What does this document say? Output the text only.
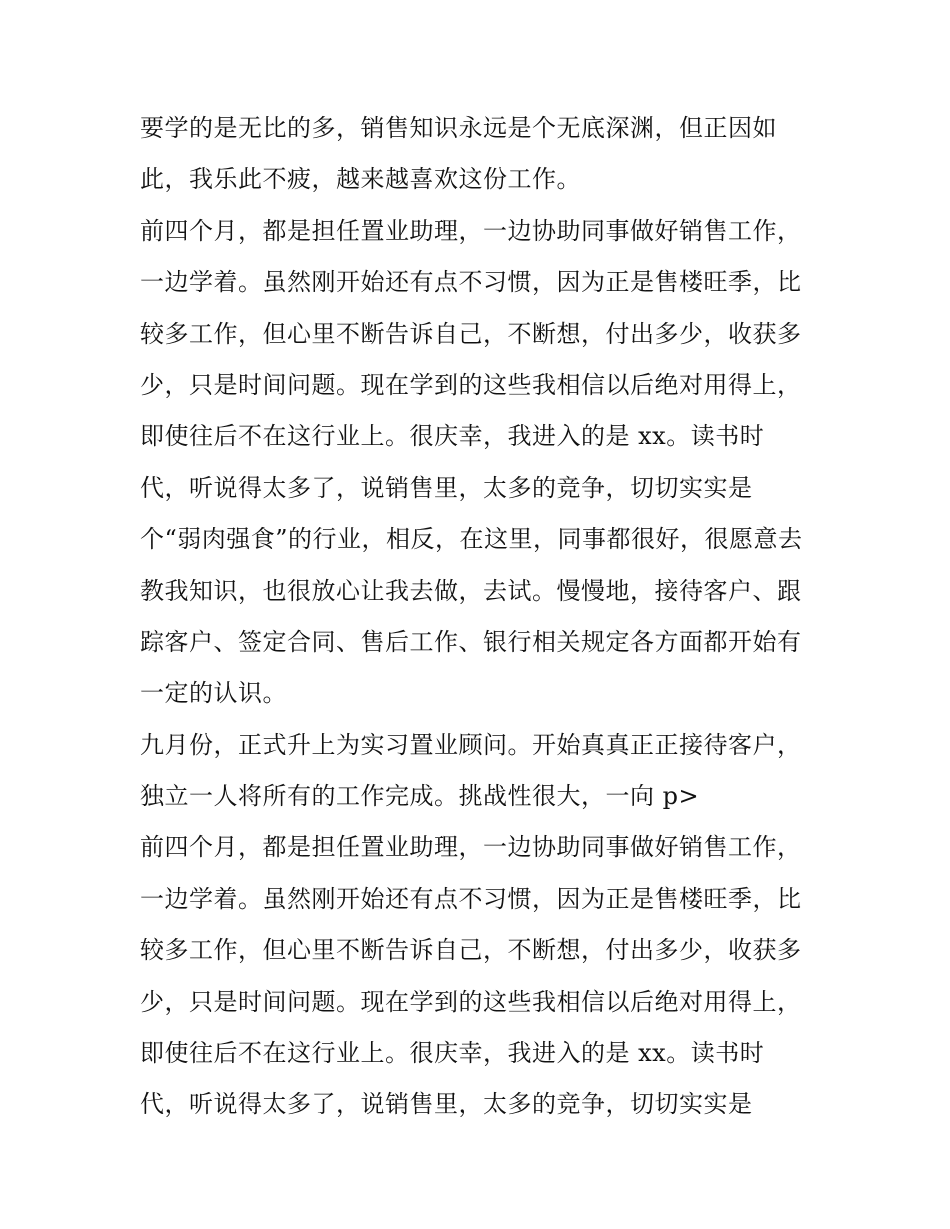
要学的是无比的多，销售知识永远是个无底深渊，但正因如
此，我乐此不疲，越来越喜欢这份工作。
前四个月，都是担任置业助理，一边协助同事做好销售工作，
一边学着。虽然刚开始还有点不习惯，因为正是售楼旺季，比
较多工作，但心里不断告诉自己，不断想，付出多少，收获多
少，只是时间问题。现在学到的这些我相信以后绝对用得上，
即使往后不在这行业上。很庆幸，我进入的是 xx。读书时
代，听说得太多了，说销售里，太多的竞争，切切实实是
个“弱肉强食”的行业，相反，在这里，同事都很好，很愿意去
教我知识，也很放心让我去做，去试。慢慢地，接待客户、跟
踪客户、签定合同、售后工作、银行相关规定各方面都开始有
一定的认识。
九月份，正式升上为实习置业顾问。开始真真正正接待客户，
独立一人将所有的工作完成。挑战性很大，一向 p>
前四个月，都是担任置业助理，一边协助同事做好销售工作，
一边学着。虽然刚开始还有点不习惯，因为正是售楼旺季，比
较多工作，但心里不断告诉自己，不断想，付出多少，收获多
少，只是时间问题。现在学到的这些我相信以后绝对用得上，
即使往后不在这行业上。很庆幸，我进入的是 xx。读书时
代，听说得太多了，说销售里，太多的竞争，切切实实是
